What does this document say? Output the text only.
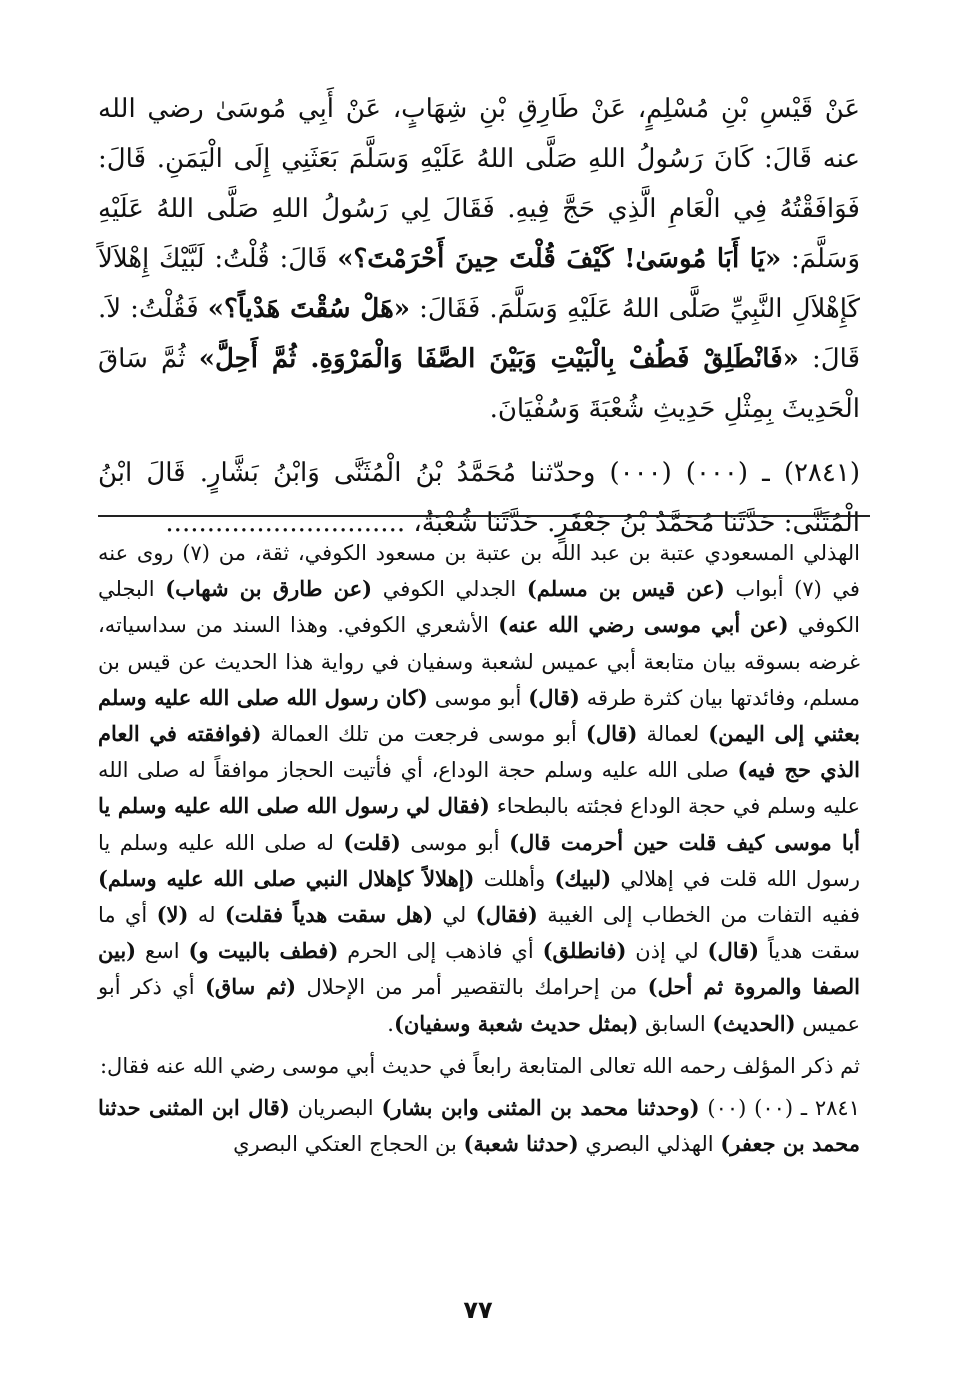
عَنْ قَيْسِ بْنِ مُسْلِمٍ، عَنْ طَارِقِ بْنِ شِهَابٍ، عَنْ أَبِي مُوسَىٰ رضي الله عنه قَالَ: كَانَ رَسُولُ اللهِ صَلَّى اللهُ عَلَيْهِ وَسَلَّمَ بَعَثَنِي إِلَى الْيَمَنِ. قَالَ: فَوَافَقْتُهُ فِي الْعَامِ الَّذِي حَجَّ فِيهِ. فَقَالَ لِي رَسُولُ اللهِ صَلَّى اللهُ عَلَيْهِ وَسَلَّمَ: «يَا أَبَا مُوسَىٰ! كَيْفَ قُلْتَ حِينَ أَحْرَمْتَ؟» قَالَ: قُلْتُ: لَبَّيْكَ إِهْلاَلاً كَإِهْلاَلِ النَّبِيِّ صَلَّى اللهُ عَلَيْهِ وَسَلَّمَ. فَقَالَ: «هَلْ سُقْتَ هَدْياً؟» فَقُلْتُ: لاَ. قَالَ: «فَانْطَلِقْ فَطُفْ بِالْبَيْتِ وَبَيْنَ الصَّفَا وَالْمَرْوَةِ. ثُمَّ أَحِلَّ» ثُمَّ سَاقَ الْحَدِيثَ بِمِثْلِ حَدِيثِ شُعْبَةَ وَسُفْيَانَ.

(٢٨٤١) ـ (٠٠٠) (٠٠٠) وحدّثنا مُحَمَّدُ بْنُ الْمُثَنَّى وَابْنُ بَشَّارٍ. قَالَ ابْنُ الْمُثَنَّى: حَدَّثَنَا مُحَمَّدُ بْنُ جَعْفَرٍ. حَدَّثَنَا شُعْبَةُ، .............................

الهذلي المسعودي عتبة بن عبد الله بن عتبة بن مسعود الكوفي، ثقة، من (٧) روى عنه في (٧) أبواب (عن قيس بن مسلم) الجدلي الكوفي (عن طارق بن شهاب) البجلي الكوفي (عن أبي موسى رضي الله عنه) الأشعري الكوفي. وهذا السند من سداسياته، غرضه بسوقه بيان متابعة أبي عميس لشعبة وسفيان في رواية هذا الحديث عن قيس بن مسلم، وفائدتها بيان كثرة طرقه (قال) أبو موسى (كان رسول الله صلى الله عليه وسلم بعثني إلى اليمن) لعمالة (قال) أبو موسى فرجعت من تلك العمالة (فوافقته في العام الذي حج فيه) صلى الله عليه وسلم حجة الوداع، أي فأتيت الحجاز موافقاً له صلى الله عليه وسلم في حجة الوداع فجئته بالبطحاء (فقال لي رسول الله صلى الله عليه وسلم يا أبا موسى كيف قلت حين أحرمت قال) أبو موسى (قلت) له صلى الله عليه وسلم يا رسول الله قلت في إهلالي (لبيك) وأهللت (إهلالاً كإهلال النبي صلى الله عليه وسلم) ففيه التفات من الخطاب إلى الغيبة (فقال) لي (هل سقت هدياً فقلت) له (لا) أي ما سقت هدياً (قال) لي إذن (فانطلق) أي فاذهب إلى الحرم (فطف بالبيت و) اسع (بين الصفا والمروة ثم أحل) من إحرامك بالتقصير أمر من الإحلال (ثم ساق) أي ذكر أبو عميس (الحديث) السابق (بمثل حديث شعبة وسفيان).

ثم ذكر المؤلف رحمه الله تعالى المتابعة رابعاً في حديث أبي موسى رضي الله عنه فقال:

٢٨٤١ ـ (٠٠) (٠٠) (وحدثنا محمد بن المثنى وابن بشار) البصريان (قال ابن المثنى حدثنا محمد بن جعفر) الهذلي البصري (حدثنا شعبة) بن الحجاج العتكي البصري

٧٧
